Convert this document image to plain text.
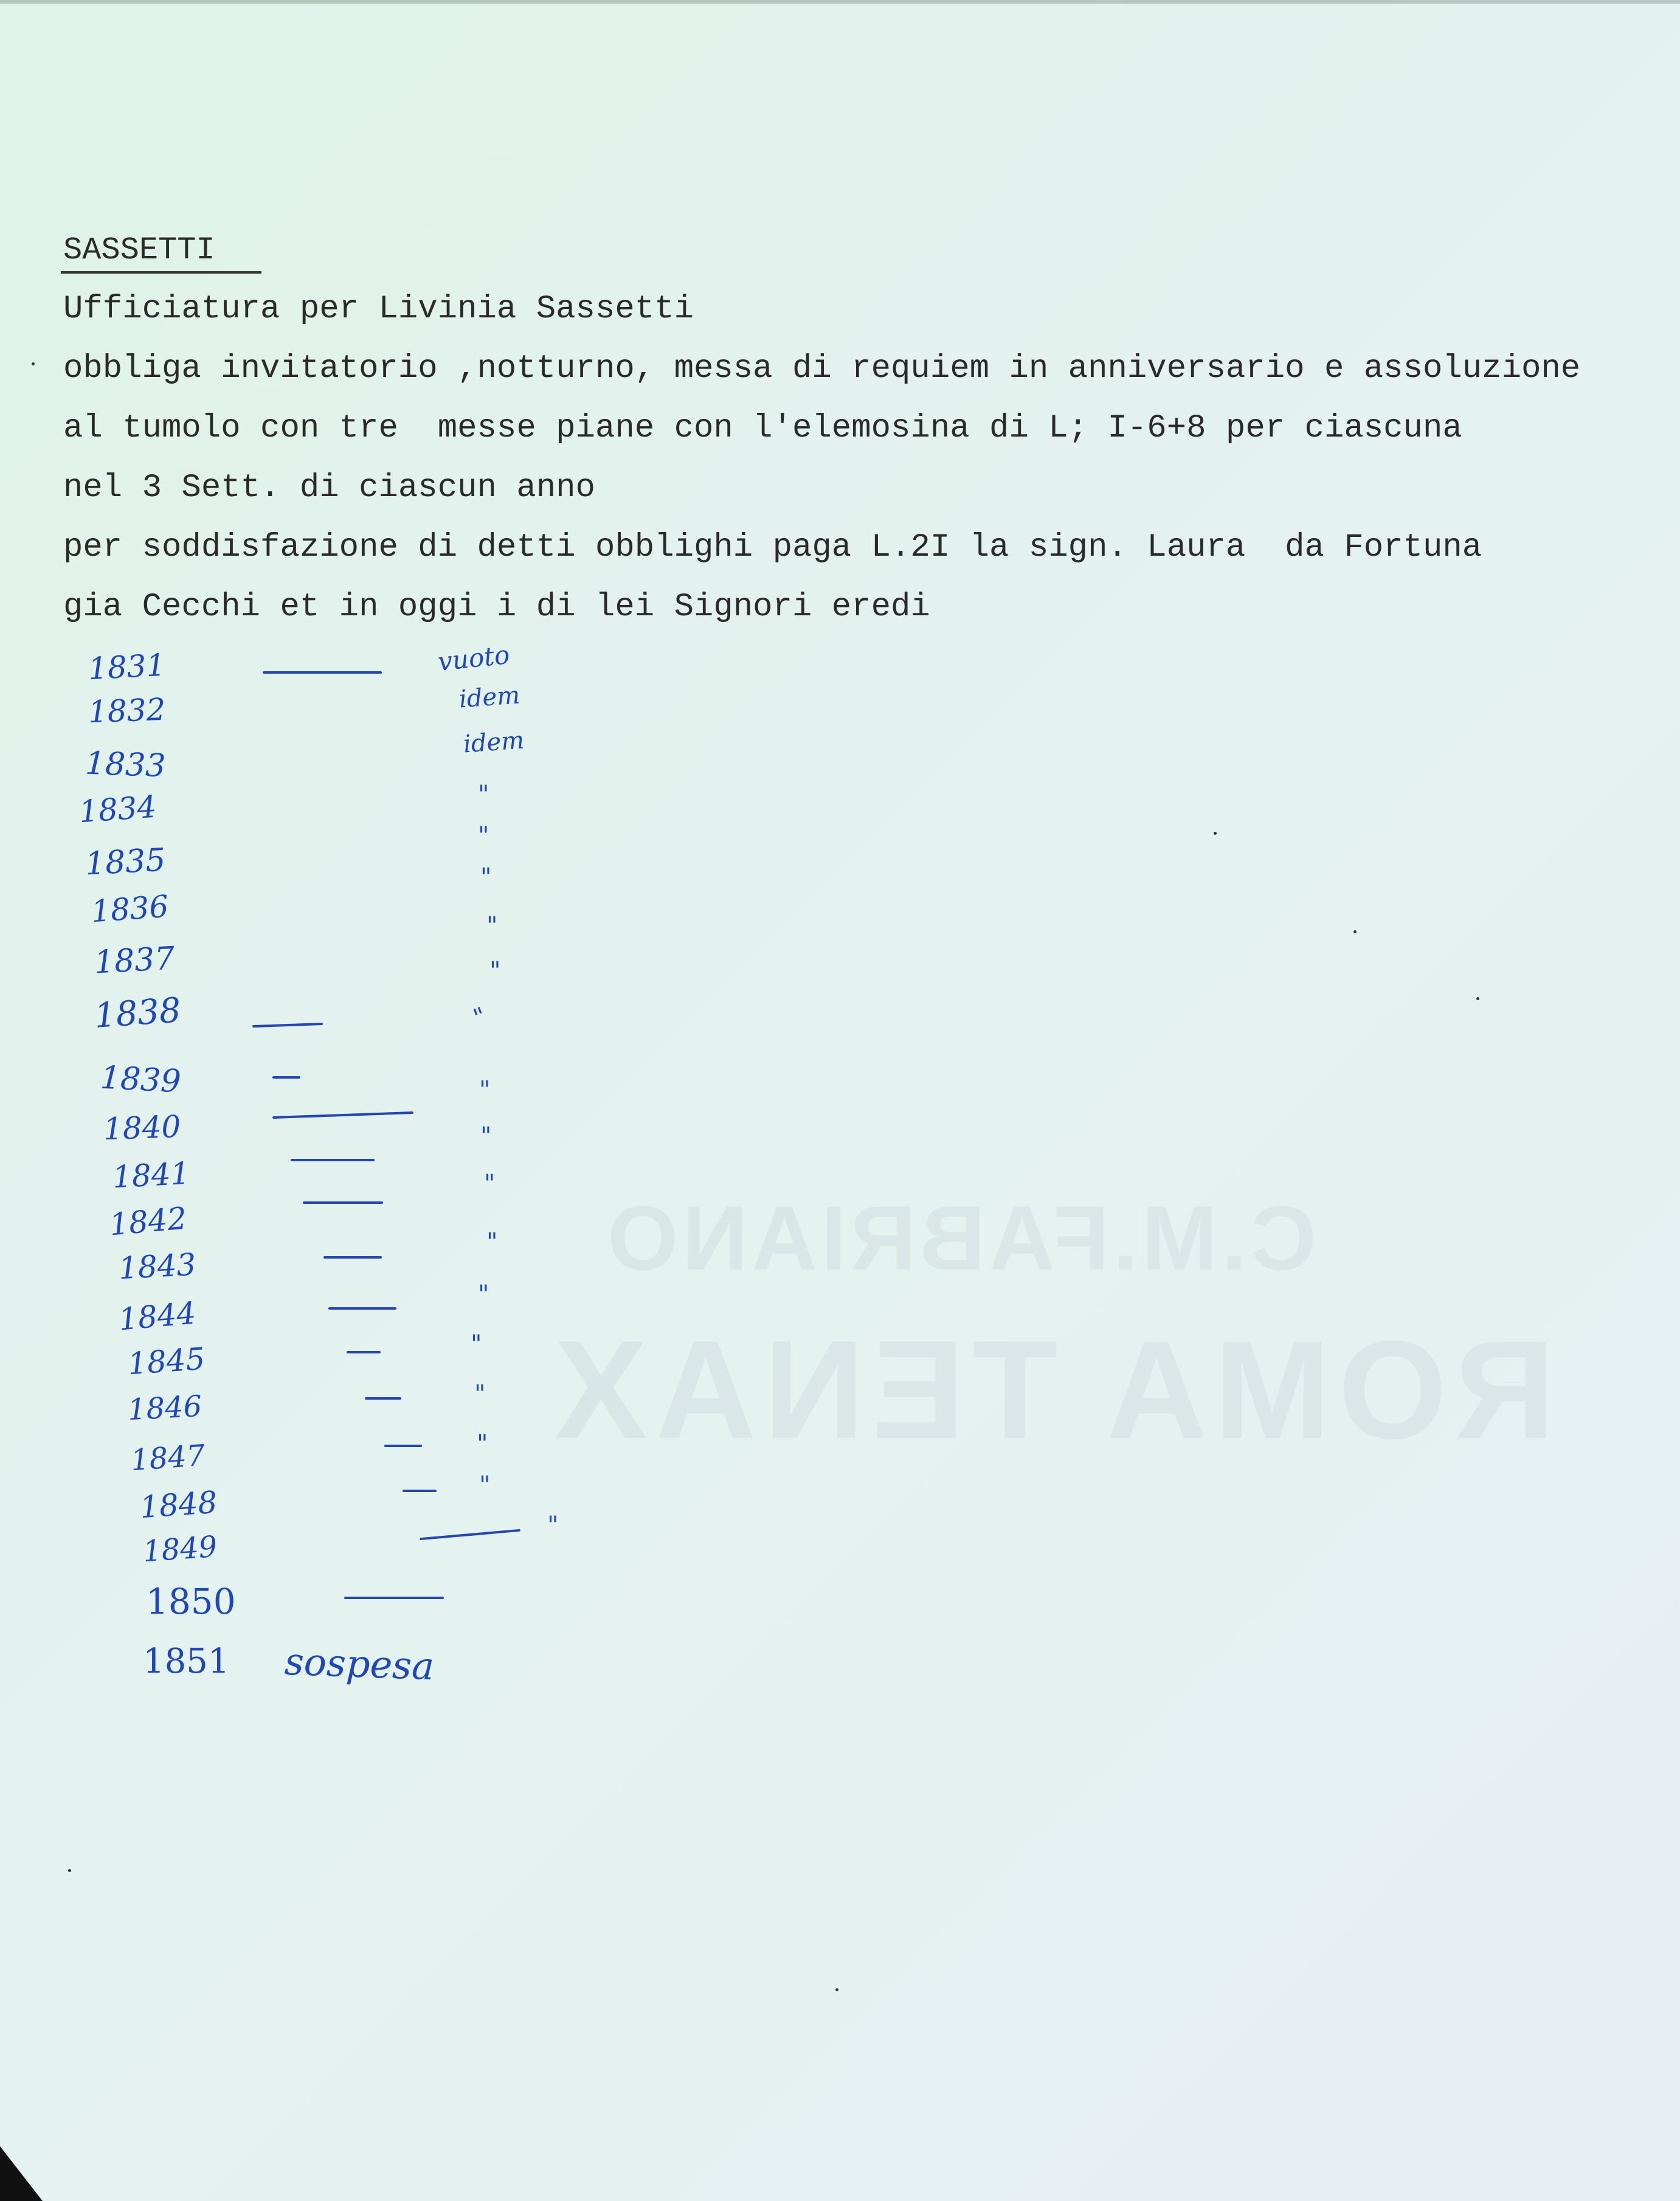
C.M.FABRIANO
ROMA TENAX
SASSETTI
Ufficiatura per Livinia Sassetti
obbliga invitatorio ,notturno, messa di requiem in anniversario e assoluzione
al tumolo con tre  messe piane con l'elemosina di L; I-6+8 per ciascuna
nel 3 Sett. di ciascun anno
per soddisfazione di detti obblighi paga L.2I la sign. Laura  da Fortuna
gia Cecchi et in oggi i di lei Signori eredi
1831
1832
1833
1834
1835
1836
1837
1838
1839
1840
1841
1842
1843
1844
1845
1846
1847
1848
1849
1850
1851
vuoto
idem
idem
"
"
"
"
"
"
"
"
"
"
"
"
"
"
"
"
sospesa
